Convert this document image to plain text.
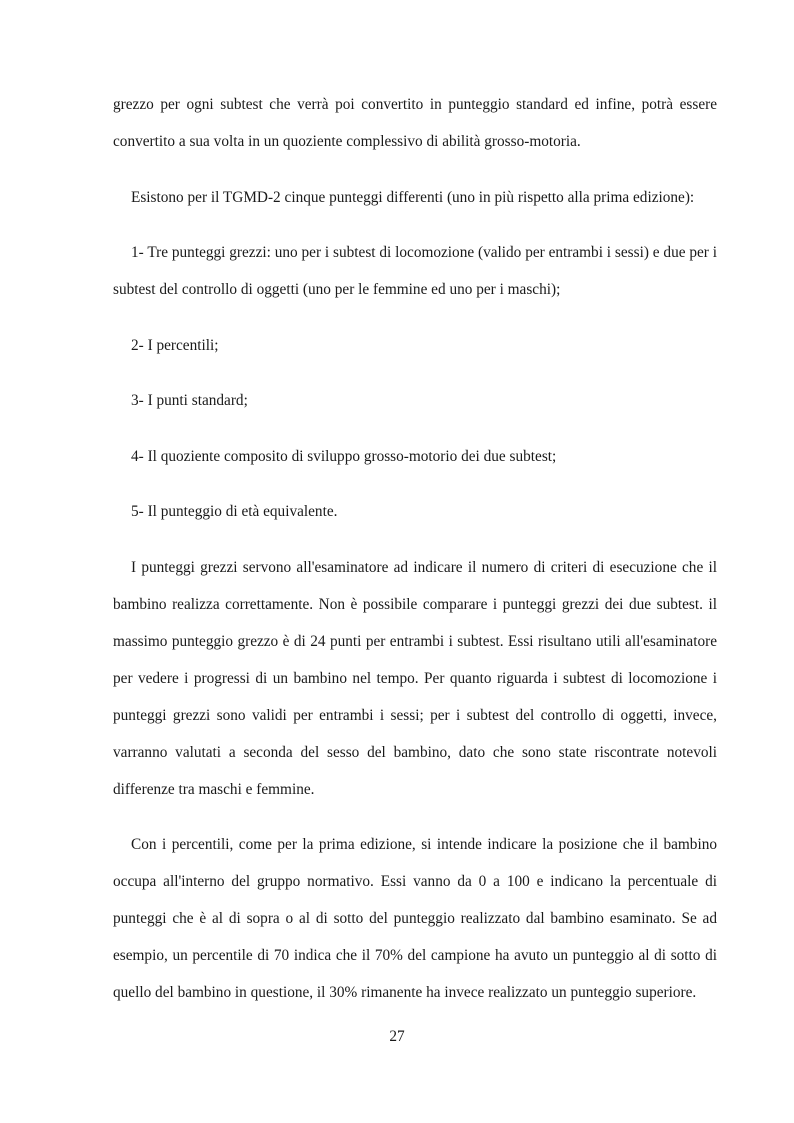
grezzo per ogni subtest che verrà poi convertito in punteggio standard ed infine, potrà essere convertito a sua volta in un quoziente complessivo di abilità grosso-motoria.

Esistono per il TGMD-2 cinque punteggi differenti (uno in più rispetto alla prima edizione):

1- Tre punteggi grezzi: uno per i subtest di locomozione (valido per entrambi i sessi) e due per i subtest del controllo di oggetti (uno per le femmine ed uno per i maschi);

2- I percentili;

3- I punti standard;

4- Il quoziente composito di sviluppo grosso-motorio dei due subtest;

5- Il punteggio di età equivalente.

I punteggi grezzi servono all'esaminatore ad indicare il numero di criteri di esecuzione che il bambino realizza correttamente. Non è possibile comparare i punteggi grezzi dei due subtest. il massimo punteggio grezzo è di 24 punti per entrambi i subtest. Essi risultano utili all'esaminatore per vedere i progressi di un bambino nel tempo. Per quanto riguarda i subtest di locomozione i punteggi grezzi sono validi per entrambi i sessi; per i subtest del controllo di oggetti, invece, varranno valutati a seconda del sesso del bambino, dato che sono state riscontrate notevoli differenze tra maschi e femmine.

Con i percentili, come per la prima edizione, si intende indicare la posizione che il bambino occupa all'interno del gruppo normativo. Essi vanno da 0 a 100 e indicano la percentuale di punteggi che è al di sopra o al di sotto del punteggio realizzato dal bambino esaminato. Se ad esempio, un percentile di 70 indica che il 70% del campione ha avuto un punteggio al di sotto di quello del bambino in questione, il 30% rimanente ha invece realizzato un punteggio superiore.

27
